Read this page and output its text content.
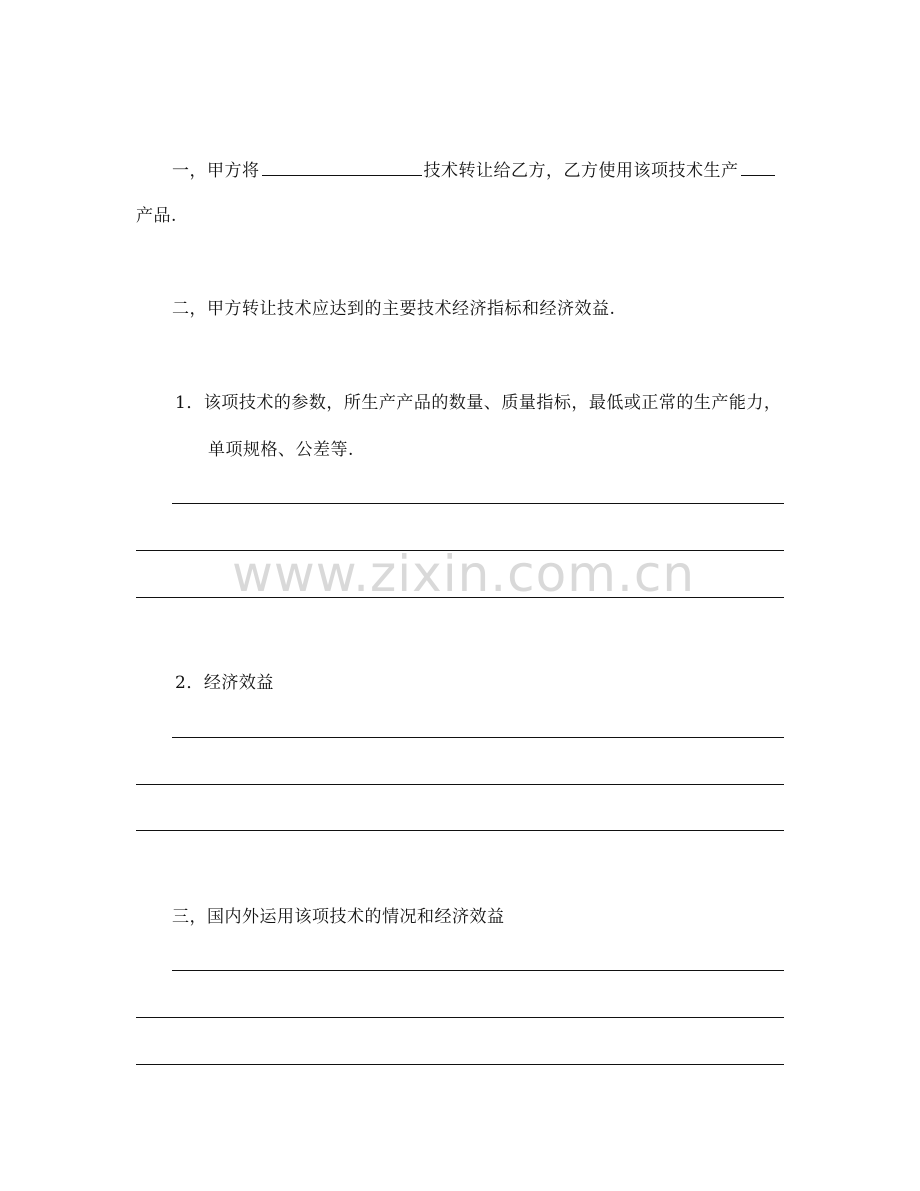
一，甲方将	技术转让给乙方，乙方使用该项技术生产
产品.
二，甲方转让技术应达到的主要技术经济指标和经济效益.
1．该项技术的参数，所生产产品的数量、质量指标，最低或正常的生产能力，
单项规格、公差等.
2．经济效益
三，国内外运用该项技术的情况和经济效益
www.zixin.com.cn
